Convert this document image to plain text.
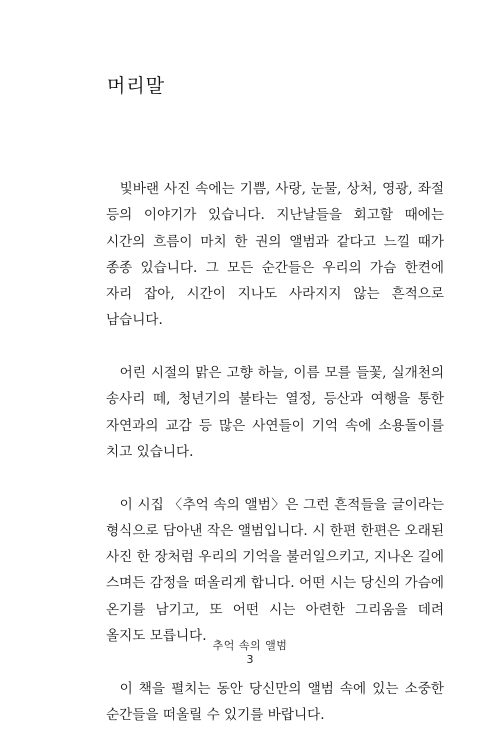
머리말

빛바랜 사진 속에는 기쁨, 사랑, 눈물, 상처, 영광, 좌절 등의 이야기가 있습니다. 지난날들을 회고할 때에는 시간의 흐름이 마치 한 권의 앨범과 같다고 느낄 때가 종종 있습니다. 그 모든 순간들은 우리의 가슴 한켠에 자리 잡아, 시간이 지나도 사라지지 않는 흔적으로 남습니다.

어린 시절의 맑은 고향 하늘, 이름 모를 들꽃, 실개천의 송사리 떼, 청년기의 불타는 열정, 등산과 여행을 통한 자연과의 교감 등 많은 사연들이 기억 속에 소용돌이를 치고 있습니다.

이 시집 〈추억 속의 앨범〉은 그런 흔적들을 글이라는 형식으로 담아낸 작은 앨범입니다. 시 한편 한편은 오래된 사진 한 장처럼 우리의 기억을 불러일으키고, 지나온 길에 스며든 감정을 떠올리게 합니다. 어떤 시는 당신의 가슴에 온기를 남기고, 또 어떤 시는 아련한 그리움을 데려 올지도 모릅니다.

이 책을 펼치는 동안 당신만의 앨범 속에 있는 소중한 순간들을 떠올릴 수 있기를 바랍니다.

추억 속의 앨범
3
